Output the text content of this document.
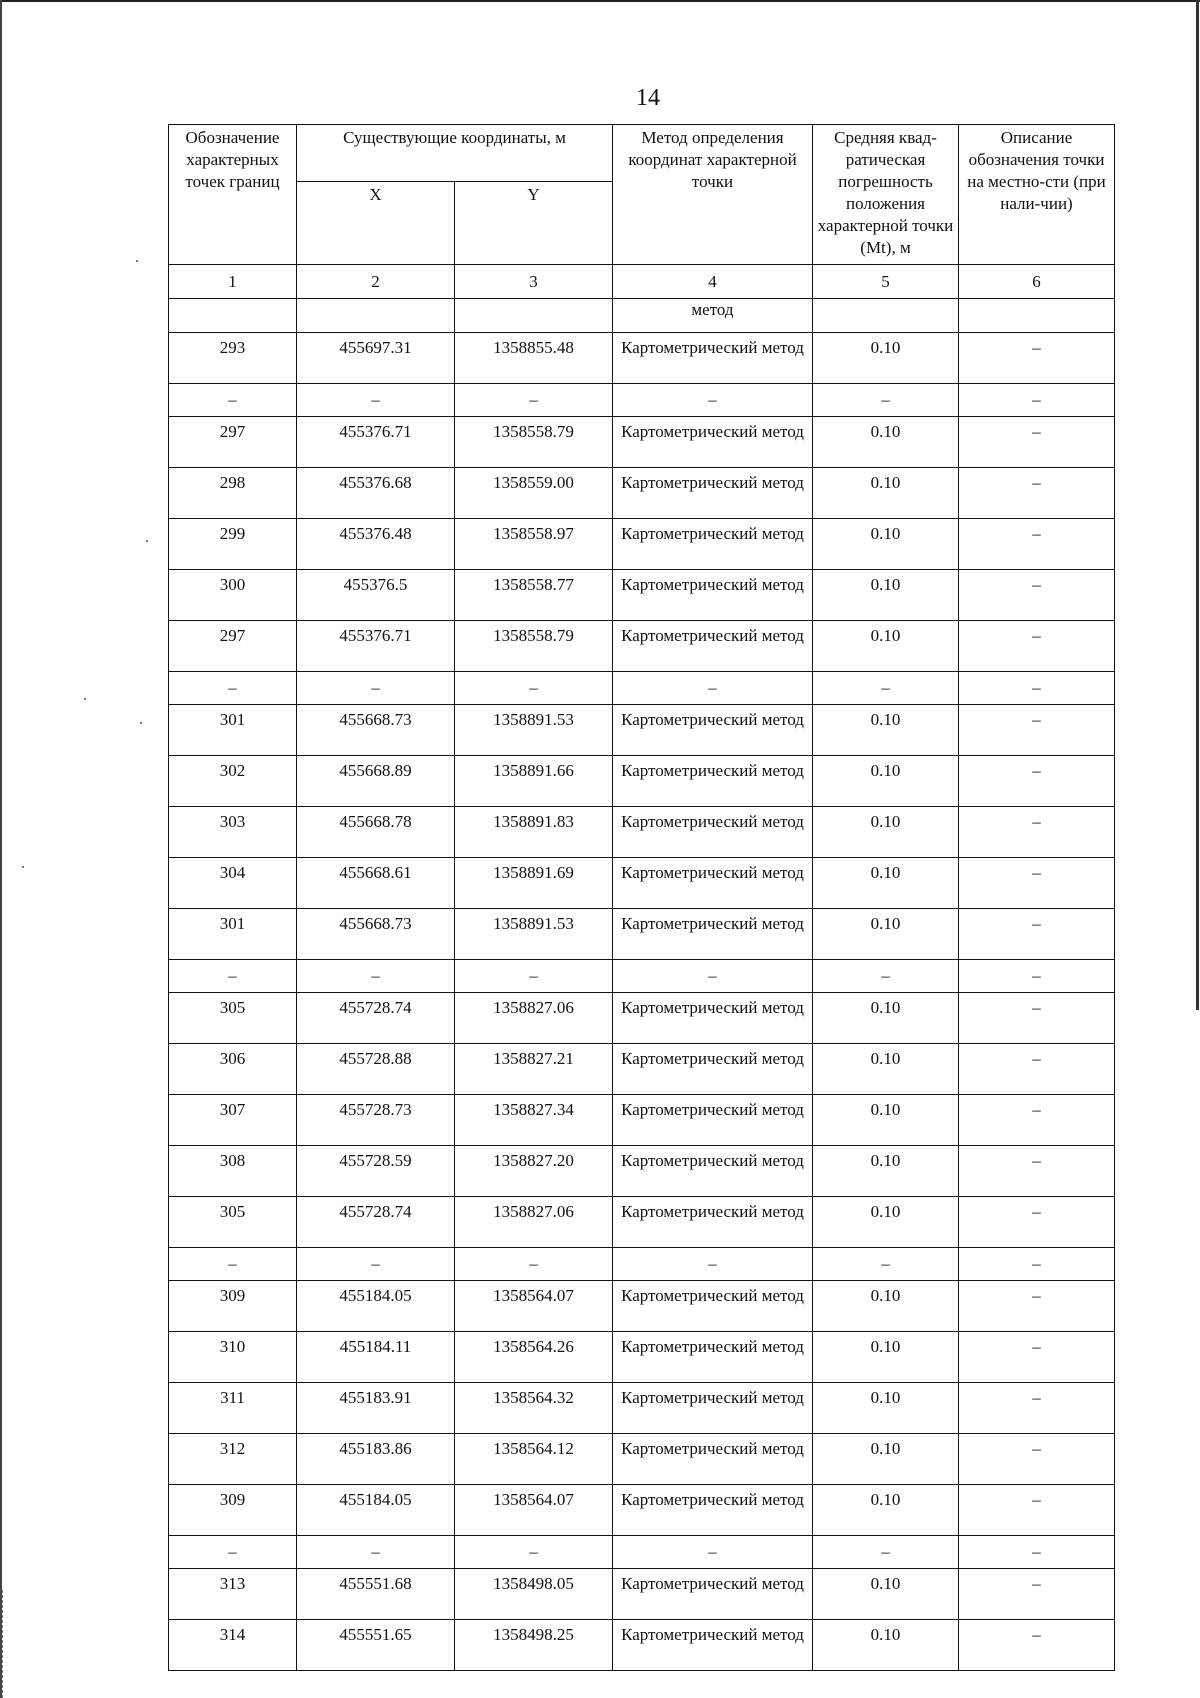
14
Обозначение характерных точек границ	Существующие координаты, м		Метод определения координат характерной точки	Средняя квад-ратическая погрешность положения характерной точки (Mt), м	Описание обозначения точки на местно-сти (при нали-чии)
	X	Y			
1	2	3	4	5	6
			метод		
293	455697.31	1358855.48	Картометрический метод	0.10	–
–	–	–	–	–	–
297	455376.71	1358558.79	Картометрический метод	0.10	–
298	455376.68	1358559.00	Картометрический метод	0.10	–
299	455376.48	1358558.97	Картометрический метод	0.10	–
300	455376.5	1358558.77	Картометрический метод	0.10	–
297	455376.71	1358558.79	Картометрический метод	0.10	–
–	–	–	–	–	–
301	455668.73	1358891.53	Картометрический метод	0.10	–
302	455668.89	1358891.66	Картометрический метод	0.10	–
303	455668.78	1358891.83	Картометрический метод	0.10	–
304	455668.61	1358891.69	Картометрический метод	0.10	–
301	455668.73	1358891.53	Картометрический метод	0.10	–
–	–	–	–	–	–
305	455728.74	1358827.06	Картометрический метод	0.10	–
306	455728.88	1358827.21	Картометрический метод	0.10	–
307	455728.73	1358827.34	Картометрический метод	0.10	–
308	455728.59	1358827.20	Картометрический метод	0.10	–
305	455728.74	1358827.06	Картометрический метод	0.10	–
–	–	–	–	–	–
309	455184.05	1358564.07	Картометрический метод	0.10	–
310	455184.11	1358564.26	Картометрический метод	0.10	–
311	455183.91	1358564.32	Картометрический метод	0.10	–
312	455183.86	1358564.12	Картометрический метод	0.10	–
309	455184.05	1358564.07	Картометрический метод	0.10	–
–	–	–	–	–	–
313	455551.68	1358498.05	Картометрический метод	0.10	–
314	455551.65	1358498.25	Картометрический метод	0.10	–
